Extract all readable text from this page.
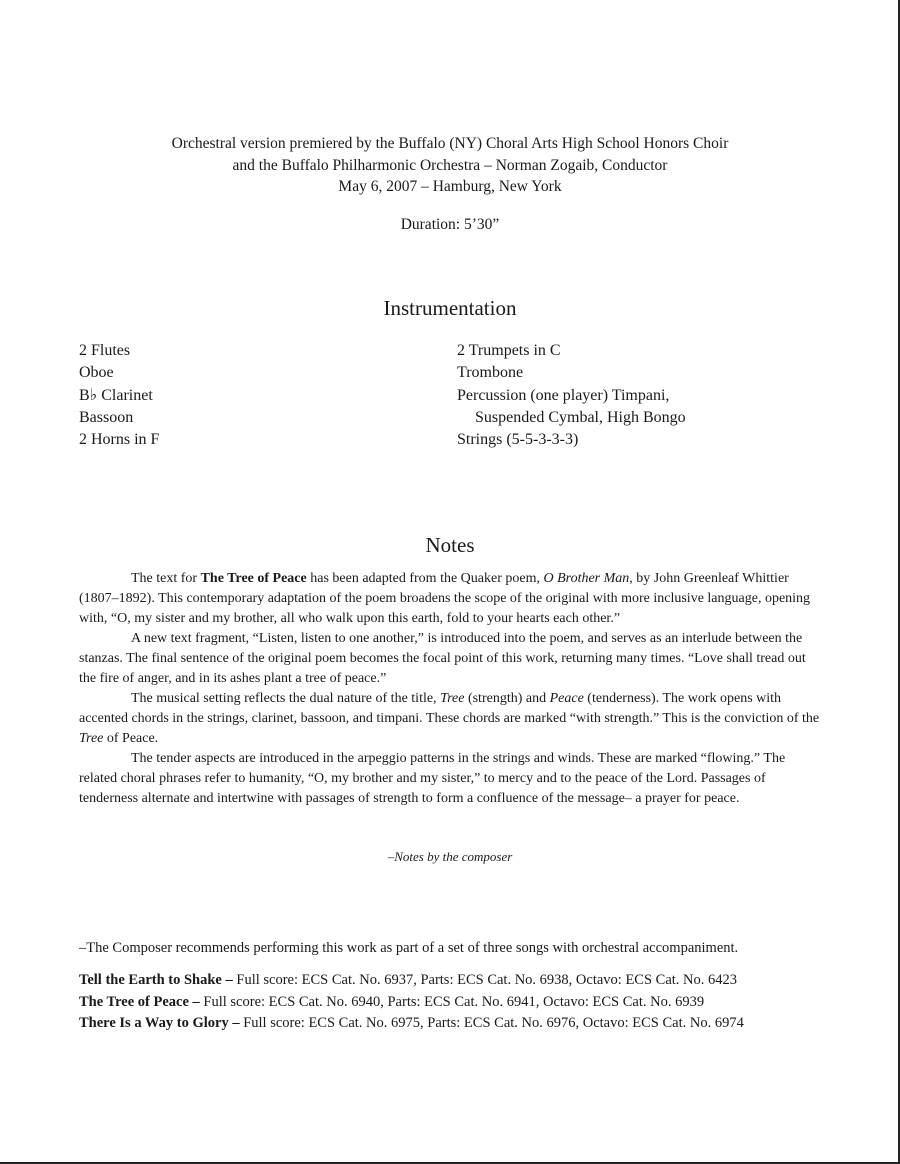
Orchestral version premiered by the Buffalo (NY) Choral Arts High School Honors Choir
and the Buffalo Philharmonic Orchestra – Norman Zogaib, Conductor
May 6, 2007 – Hamburg, New York
Duration: 5’30”
Instrumentation
2 Flutes
Oboe
B♭ Clarinet
Bassoon
2 Horns in F
2 Trumpets in C
Trombone
Percussion (one player) Timpani,
Suspended Cymbal, High Bongo
Strings (5-5-3-3-3)
Notes

The text for The Tree of Peace has been adapted from the Quaker poem, O Brother Man, by John Greenleaf Whittier (1807–1892). This contemporary adaptation of the poem broadens the scope of the original with more inclusive language, opening with, “O, my sister and my brother, all who walk upon this earth, fold to your hearts each other.”

A new text fragment, “Listen, listen to one another,” is introduced into the poem, and serves as an interlude between the stanzas. The final sentence of the original poem becomes the focal point of this work, returning many times. “Love shall tread out the fire of anger, and in its ashes plant a tree of peace.”

The musical setting reflects the dual nature of the title, Tree (strength) and Peace (tenderness). The work opens with accented chords in the strings, clarinet, bassoon, and timpani. These chords are marked “with strength.” This is the conviction of the Tree of Peace.

The tender aspects are introduced in the arpeggio patterns in the strings and winds. These are marked “flowing.” The related choral phrases refer to humanity, “O, my brother and my sister,” to mercy and to the peace of the Lord. Passages of tenderness alternate and intertwine with passages of strength to form a confluence of the message– a prayer for peace.

–Notes by the composer
–The Composer recommends performing this work as part of a set of three songs with orchestral accompaniment.
Tell the Earth to Shake – Full score: ECS Cat. No. 6937, Parts: ECS Cat. No. 6938, Octavo: ECS Cat. No. 6423
The Tree of Peace – Full score: ECS Cat. No. 6940, Parts: ECS Cat. No. 6941, Octavo: ECS Cat. No. 6939
There Is a Way to Glory – Full score: ECS Cat. No. 6975, Parts: ECS Cat. No. 6976, Octavo: ECS Cat. No. 6974
